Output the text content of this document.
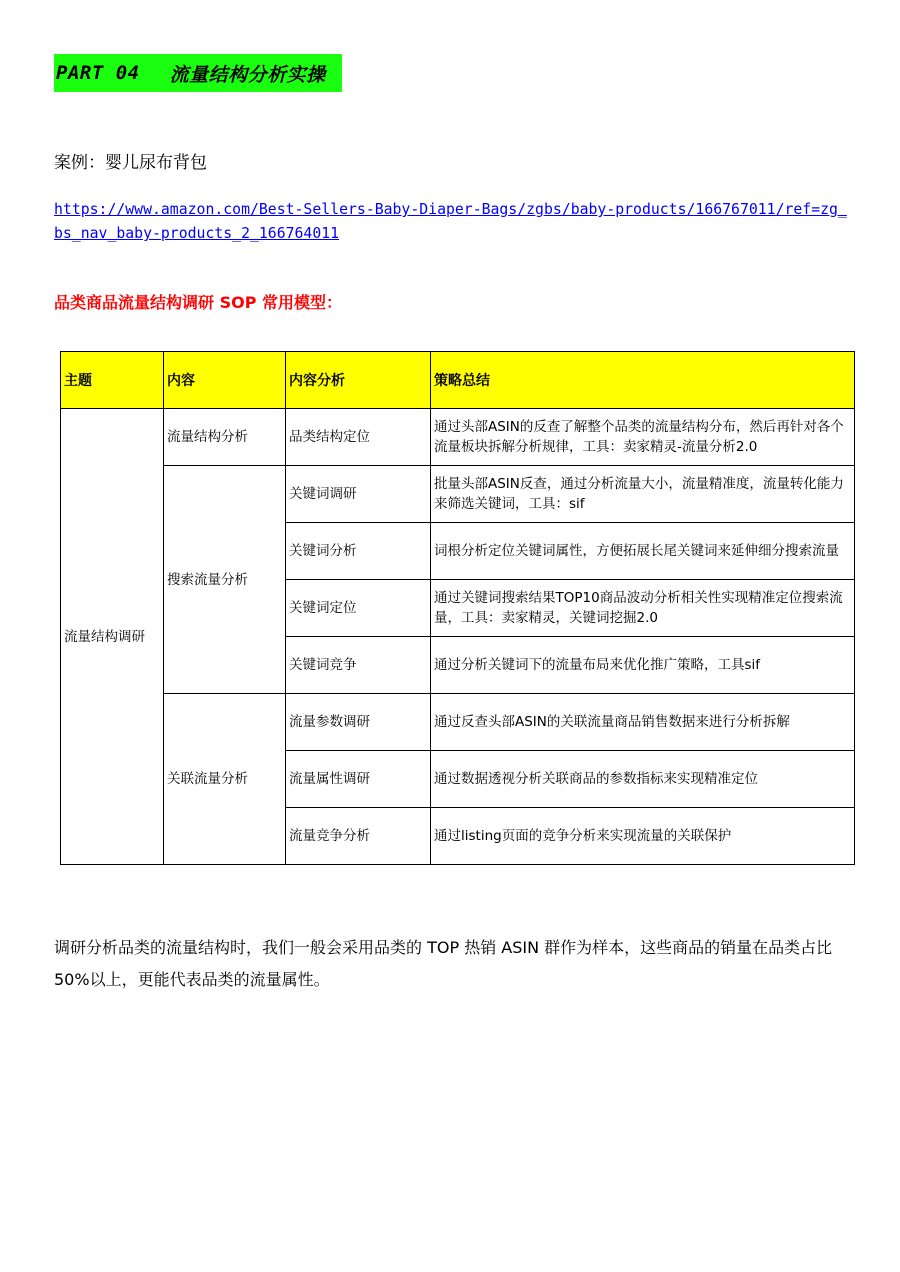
PART 04 流量结构分析实操
案例：婴儿尿布背包
https://www.amazon.com/Best-Sellers-Baby-Diaper-Bags/zgbs/baby-products/166767011/ref=zg_bs_nav_baby-products_2_166764011
品类商品流量结构调研 SOP 常用模型：
主题	内容	内容分析	策略总结
流量结构调研	流量结构分析	品类结构定位	通过头部ASIN的反查了解整个品类的流量结构分布，然后再针对各个流量板块拆解分析规律，工具：卖家精灵-流量分析2.0
	搜索流量分析	关键词调研	批量头部ASIN反查，通过分析流量大小，流量精准度，流量转化能力来筛选关键词，工具：sif
		关键词分析	词根分析定位关键词属性，方便拓展长尾关键词来延伸细分搜索流量
		关键词定位	通过关键词搜索结果TOP10商品波动分析相关性实现精准定位搜索流量，工具：卖家精灵，关键词挖掘2.0
		关键词竞争	通过分析关键词下的流量布局来优化推广策略，工具sif
	关联流量分析	流量参数调研	通过反查头部ASIN的关联流量商品销售数据来进行分析拆解
		流量属性调研	通过数据透视分析关联商品的参数指标来实现精准定位
		流量竞争分析	通过listing页面的竞争分析来实现流量的关联保护

调研分析品类的流量结构时，我们一般会采用品类的 TOP 热销 ASIN 群作为样本，这些商品的销量在品类占比 50%以上，更能代表品类的流量属性。
